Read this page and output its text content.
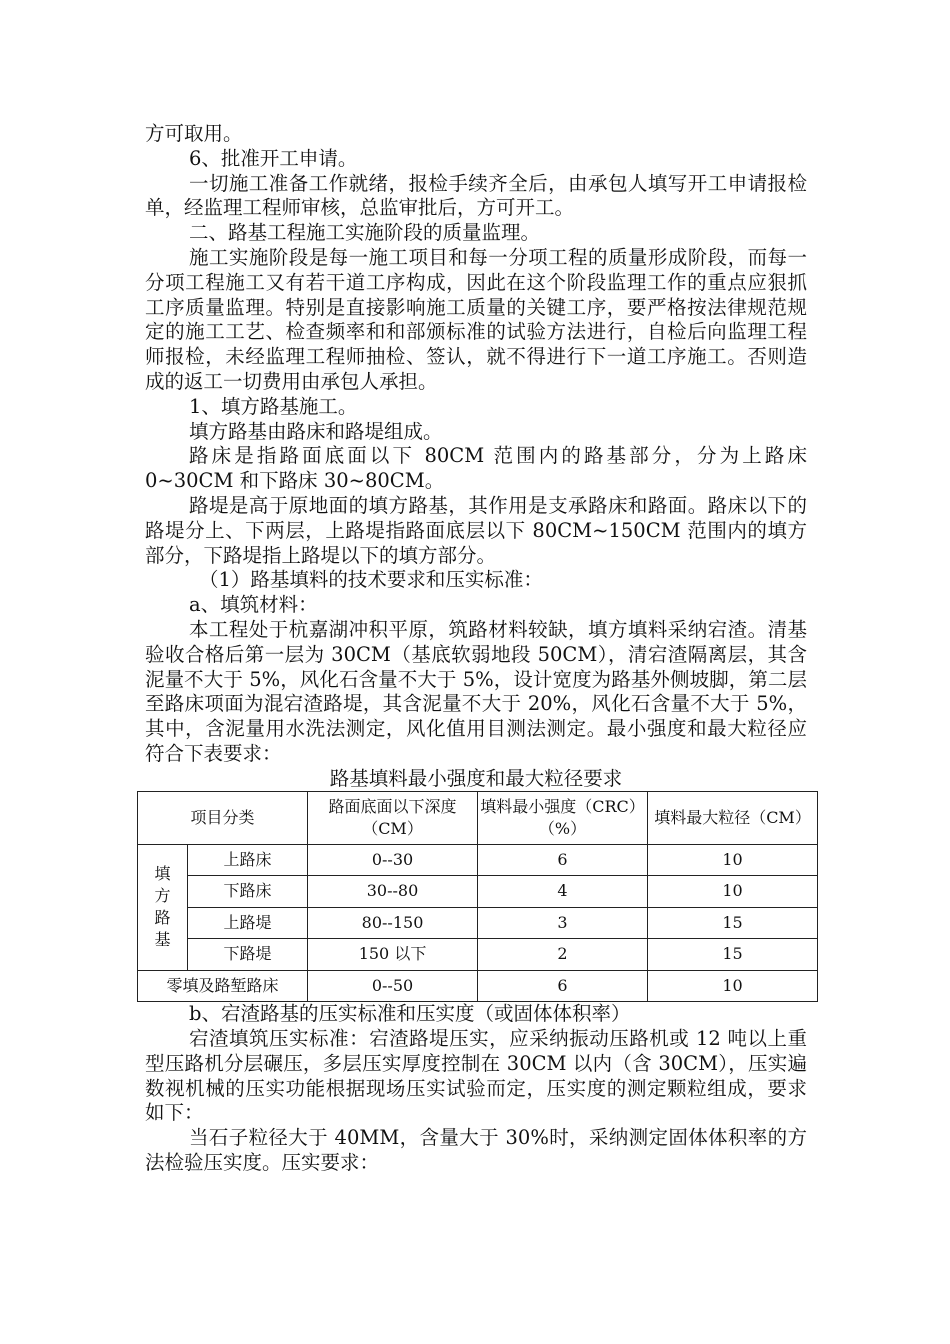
方可取用。

6、批准开工申请。

一切施工准备工作就绪，报检手续齐全后，由承包人填写开工申请报检单，经监理工程师审核，总监审批后，方可开工。

二、路基工程施工实施阶段的质量监理。

施工实施阶段是每一施工项目和每一分项工程的质量形成阶段，而每一分项工程施工又有若干道工序构成，因此在这个阶段监理工作的重点应狠抓工序质量监理。特别是直接影响施工质量的关键工序，要严格按法律规范规定的施工工艺、检查频率和和部颁标准的试验方法进行，自检后向监理工程师报检，未经监理工程师抽检、签认，就不得进行下一道工序施工。否则造成的返工一切费用由承包人承担。

1、填方路基施工。

填方路基由路床和路堤组成。

路床是指路面底面以下 80CM 范围内的路基部分，分为上路床 0~30CM 和下路床 30~80CM。

路堤是高于原地面的填方路基，其作用是支承路床和路面。路床以下的路堤分上、下两层，上路堤指路面底层以下 80CM~150CM 范围内的填方部分，下路堤指上路堤以下的填方部分。

（1）路基填料的技术要求和压实标准：

a、填筑材料：

本工程处于杭嘉湖冲积平原，筑路材料较缺，填方填料采纳宕渣。清基验收合格后第一层为 30CM（基底软弱地段 50CM），清宕渣隔离层，其含泥量不大于 5%，风化石含量不大于 5%，设计宽度为路基外侧坡脚，第二层至路床项面为混宕渣路堤，其含泥量不大于 20%，风化石含量不大于 5%，其中，含泥量用水洗法测定，风化值用目测法测定。最小强度和最大粒径应符合下表要求：

路基填料最小强度和最大粒径要求

项目分类		路面底面以下深度（CM）	填料最小强度（CRC）（%）	填料最大粒径（CM）

填
方
路
基	上路床	0--30	6	10
	下路床	30--80	4	10
	上路堤	80--150	3	15
	下路堤	150 以下	2	15
零填及路堑路床		0--50	6	10

b、宕渣路基的压实标准和压实度（或固体体积率）

宕渣填筑压实标准：宕渣路堤压实，应采纳振动压路机或 12 吨以上重型压路机分层碾压，多层压实厚度控制在 30CM 以内（含 30CM），压实遍数视机械的压实功能根据现场压实试验而定，压实度的测定颗粒组成，要求如下：

当石子粒径大于 40MM，含量大于 30%时，采纳测定固体体积率的方法检验压实度。压实要求：
